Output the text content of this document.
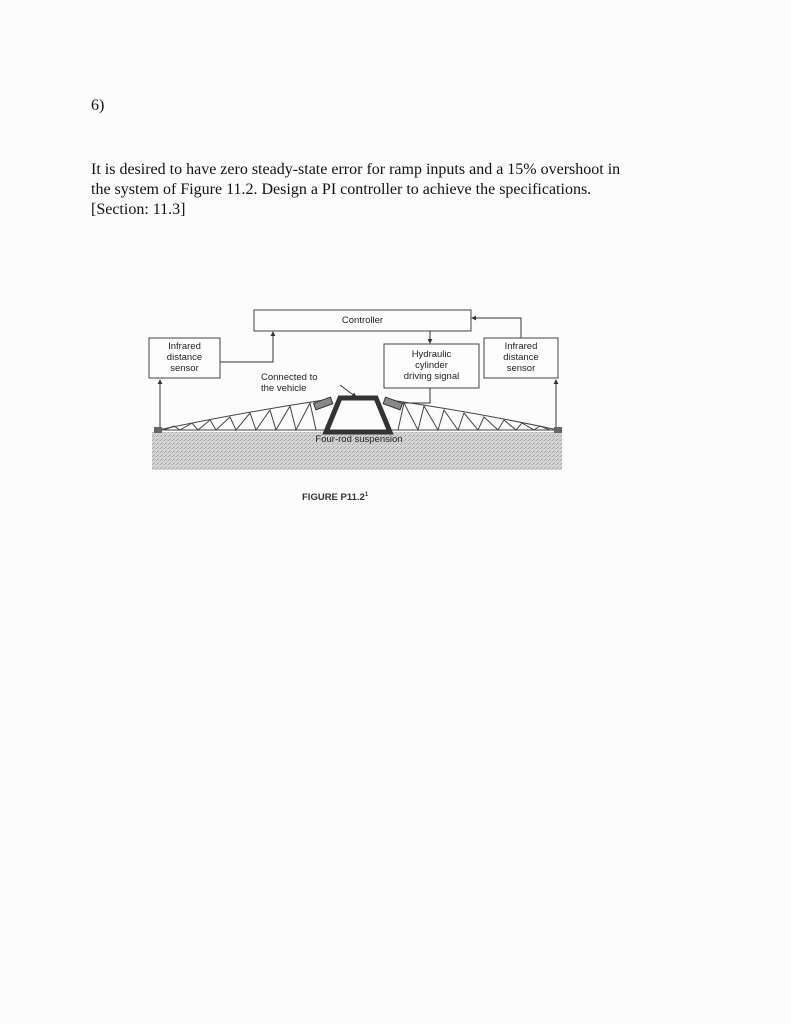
6)

It is desired to have zero steady-state error for ramp inputs and a 15% overshoot in
the system of Figure 11.2. Design a PI controller to achieve the specifications.
[Section: 11.3]

Controller
Infrared
distance
sensor
Infrared
distance
sensor
Hydraulic
cylinder
driving signal
Connected to
the vehicle
Four-rod suspension
FIGURE P11.2$^1$
